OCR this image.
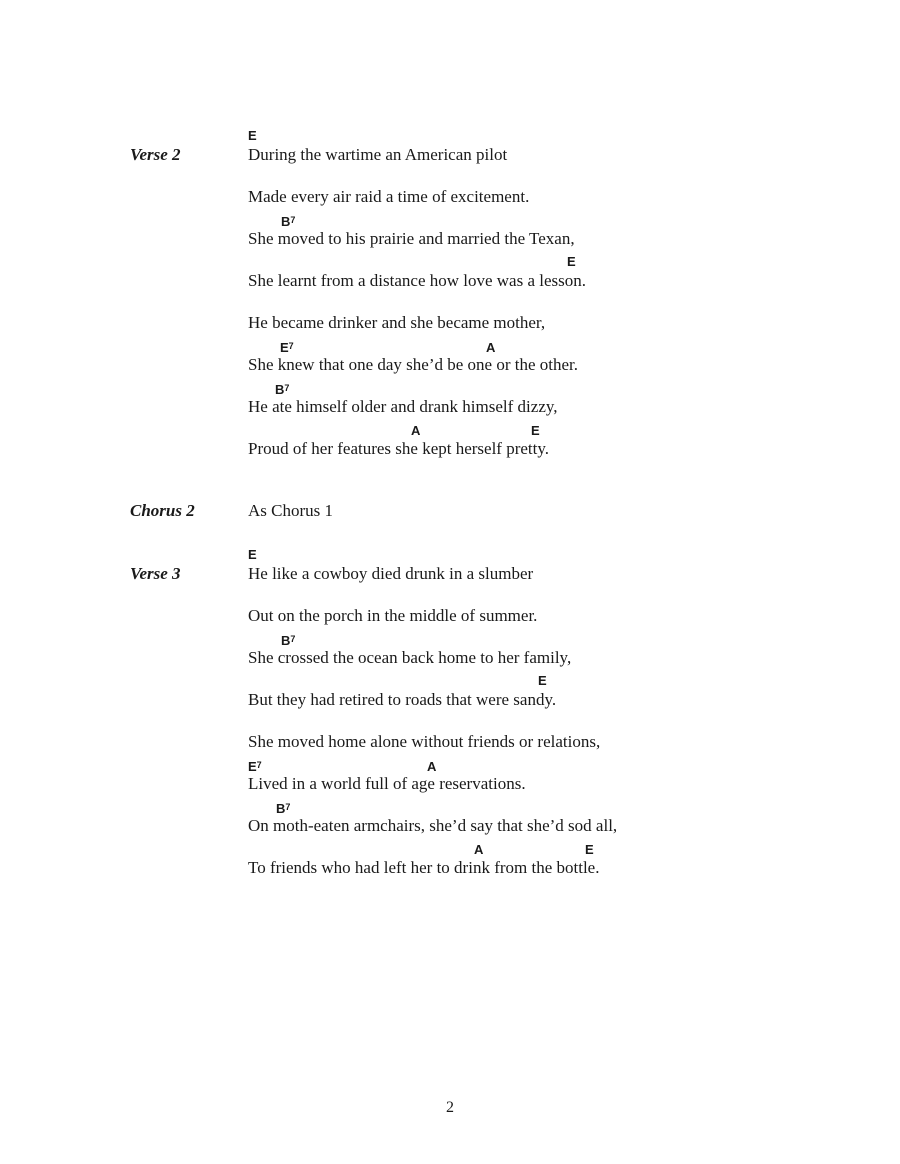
Verse 2
E
During the wartime an American pilot
Made every air raid a time of excitement.
$B^7$
She moved to his prairie and married the Texan,
E
She learnt from a distance how love was a lesson.
He became drinker and she became mother,
$E^7$	A
She knew that one day she’d be one or the other.
$B^7$
He ate himself older and drank himself dizzy,
A	E
Proud of her features she kept herself pretty.
Chorus 2	As Chorus 1
Verse 3
E
He like a cowboy died drunk in a slumber
Out on the porch in the middle of summer.
$B^7$
She crossed the ocean back home to her family,
E
But they had retired to roads that were sandy.
She moved home alone without friends or relations,
$E^7$	A
Lived in a world full of age reservations.
$B^7$
On moth-eaten armchairs, she’d say that she’d sod all,
A	E
To friends who had left her to drink from the bottle.
2
